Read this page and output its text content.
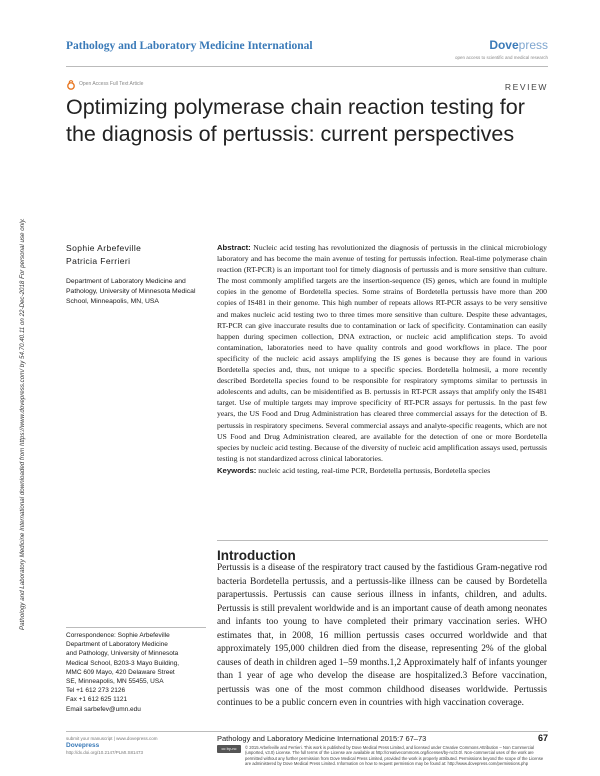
Pathology and Laboratory Medicine International	Dovepress
open access to scientific and medical research
Open Access Full Text Article	REVIEW
Optimizing polymerase chain reaction testing for the diagnosis of pertussis: current perspectives
Pathology and Laboratory Medicine International downloaded from https://www.dovepress.com/ by 54.70.40.11 on 22-Dec-2018 For personal use only.	Sophie Arbefeville
Patricia Ferrieri
Department of Laboratory Medicine and Pathology, University of Minnesota Medical School, Minneapolis, MN, USA

Abstract: Nucleic acid testing has revolutionized the diagnosis of pertussis in the clinical microbiology laboratory and has become the main avenue of testing for pertussis infection. Real-time polymerase chain reaction (RT-PCR) is an important tool for timely diagnosis of pertussis and is more sensitive than culture. The most commonly amplified targets are the insertion-sequence (IS) genes, which are found in multiple copies in the genome of Bordetella species. Some strains of Bordetella pertussis have more than 200 copies of IS481 in their genome. This high number of repeats allows RT-PCR assays to be very sensitive and makes nucleic acid testing two to three times more sensitive than culture. Despite these advantages, RT-PCR can give inaccurate results due to contamination or lack of specificity. Contamination can easily happen during specimen collection, DNA extraction, or nucleic acid amplification steps. To avoid contamination, laboratories need to have quality controls and good workflows in place. The poor specificity of the nucleic acid assays amplifying the IS genes is because they are found in various Bordetella species and, thus, not unique to a specific species. Bordetella holmesii, a more recently described Bordetella species found to be responsible for respiratory symptoms similar to pertussis in adolescents and adults, can be misidentified as B. pertussis in RT-PCR assays that amplify only the IS481 target. Use of multiple targets may improve specificity of RT-PCR assays for pertussis. In the past few years, the US Food and Drug Administration has cleared three commercial assays for the detection of B. pertussis in respiratory specimens. Several commercial assays and analyte-specific reagents, which are not US Food and Drug Administration cleared, are available for the detection of one or more Bordetella species by nucleic acid testing. Because of the diversity of nucleic acid amplification assays used, pertussis testing is not standardized across clinical laboratories.

Keywords: nucleic acid testing, real-time PCR, Bordetella pertussis, Bordetella species

Introduction

Pertussis is a disease of the respiratory tract caused by the fastidious Gram-negative rod bacteria Bordetella pertussis, and a pertussis-like illness can be caused by Bordetella parapertussis. Pertussis can cause serious illness in infants, children, and adults. Pertussis is still prevalent worldwide and is an important cause of death among neonates and infants too young to have completed their primary vaccination series. WHO estimates that, in 2008, 16 million pertussis cases occurred worldwide and that approximately 195,000 children died from the disease, representing 2% of the global causes of death in children aged 1–59 months.1,2 Approximately half of infants younger than 1 year of age who develop the disease are hospitalized.3 Before vaccination, pertussis was one of the most common childhood diseases worldwide. Pertussis continues to be a public concern even in countries with high vaccination coverage.

Correspondence: Sophie Arbefeville
Department of Laboratory Medicine
and Pathology, University of Minnesota
Medical School, B203-3 Mayo Building,
MMC 609 Mayo, 420 Delaware Street
SE, Minneapolis, MN 55455, USA
Tel +1 612 273 2126
Fax +1 612 625 1121
Email sarbefev@umn.edu
submit your manuscript | www.dovepress.com
Dovepress
http://dx.doi.org/10.2147/PLMI.S81473
Pathology and Laboratory Medicine International 2015:7 67–73	67
cc by-nc	© 2015 Arbefeville and Ferrieri. This work is published by Dove Medical Press Limited, and licensed under Creative Commons Attribution – Non Commercial (unported, v3.0) License. The full terms of the License are available at http://creativecommons.org/licenses/by-nc/3.0/. Non-commercial uses of the work are permitted without any further permission from Dove Medical Press Limited, provided the work is properly attributed. Permissions beyond the scope of the License are administered by Dove Medical Press Limited. Information on how to request permission may be found at: http://www.dovepress.com/permissions.php
